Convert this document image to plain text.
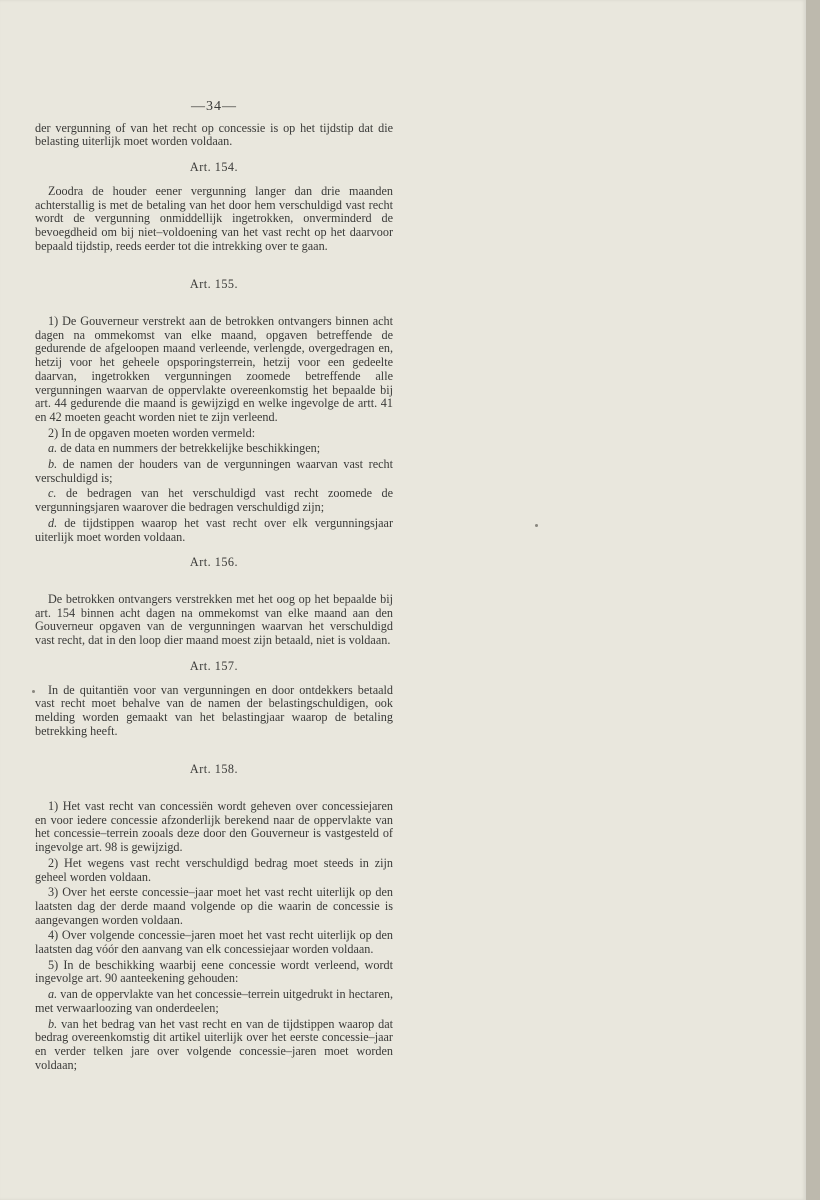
—34—

der vergunning of van het recht op concessie is op het tijdstip dat die belasting uiterlijk moet worden voldaan.

Art. 154.

Zoodra de houder eener vergunning langer dan drie maanden achterstallig is met de betaling van het door hem verschuldigd vast recht wordt de vergunning onmiddellijk ingetrokken, onverminderd de bevoegdheid om bij niet–voldoening van het vast recht op het daarvoor bepaald tijdstip, reeds eerder tot die intrekking over te gaan.

Art. 155.

1) De Gouverneur verstrekt aan de betrokken ontvangers binnen acht dagen na ommekomst van elke maand, opgaven betreffende de gedurende de afgeloopen maand verleende, verlengde, overgedragen en, hetzij voor het geheele opsporingsterrein, hetzij voor een gedeelte daarvan, ingetrokken vergunningen zoomede betreffende alle vergunningen waarvan de oppervlakte overeenkomstig het bepaalde bij art. 44 gedurende die maand is gewijzigd en welke ingevolge de artt. 41 en 42 moeten geacht worden niet te zijn verleend.

2) In de opgaven moeten worden vermeld:

a. de data en nummers der betrekkelijke beschikkingen;

b. de namen der houders van de vergunningen waarvan vast recht verschuldigd is;

c. de bedragen van het verschuldigd vast recht zoomede de vergunningsjaren waarover die bedragen verschuldigd zijn;

d. de tijdstippen waarop het vast recht over elk vergunningsjaar uiterlijk moet worden voldaan.

Art. 156.

De betrokken ontvangers verstrekken met het oog op het bepaalde bij art. 154 binnen acht dagen na ommekomst van elke maand aan den Gouverneur opgaven van de vergunningen waarvan het verschuldigd vast recht, dat in den loop dier maand moest zijn betaald, niet is voldaan.

Art. 157.

In de quitantiën voor van vergunningen en door ontdekkers betaald vast recht moet behalve van de namen der belastingschuldigen, ook melding worden gemaakt van het belastingjaar waarop de betaling betrekking heeft.

Art. 158.

1) Het vast recht van concessiën wordt geheven over concessiejaren en voor iedere concessie afzonderlijk berekend naar de oppervlakte van het concessie–terrein zooals deze door den Gouverneur is vastgesteld of ingevolge art. 98 is gewijzigd.

2) Het wegens vast recht verschuldigd bedrag moet steeds in zijn geheel worden voldaan.

3) Over het eerste concessie–jaar moet het vast recht uiterlijk op den laatsten dag der derde maand volgende op die waarin de concessie is aangevangen worden voldaan.

4) Over volgende concessie–jaren moet het vast recht uiterlijk op den laatsten dag vóór den aanvang van elk concessiejaar worden voldaan.

5) In de beschikking waarbij eene concessie wordt verleend, wordt ingevolge art. 90 aanteekening gehouden:

a. van de oppervlakte van het concessie–terrein uitgedrukt in hectaren, met verwaarloozing van onderdeelen;

b. van het bedrag van het vast recht en van de tijdstippen waarop dat bedrag overeenkomstig dit artikel uiterlijk over het eerste concessie–jaar en verder telken jare over volgende concessie–jaren moet worden voldaan;
